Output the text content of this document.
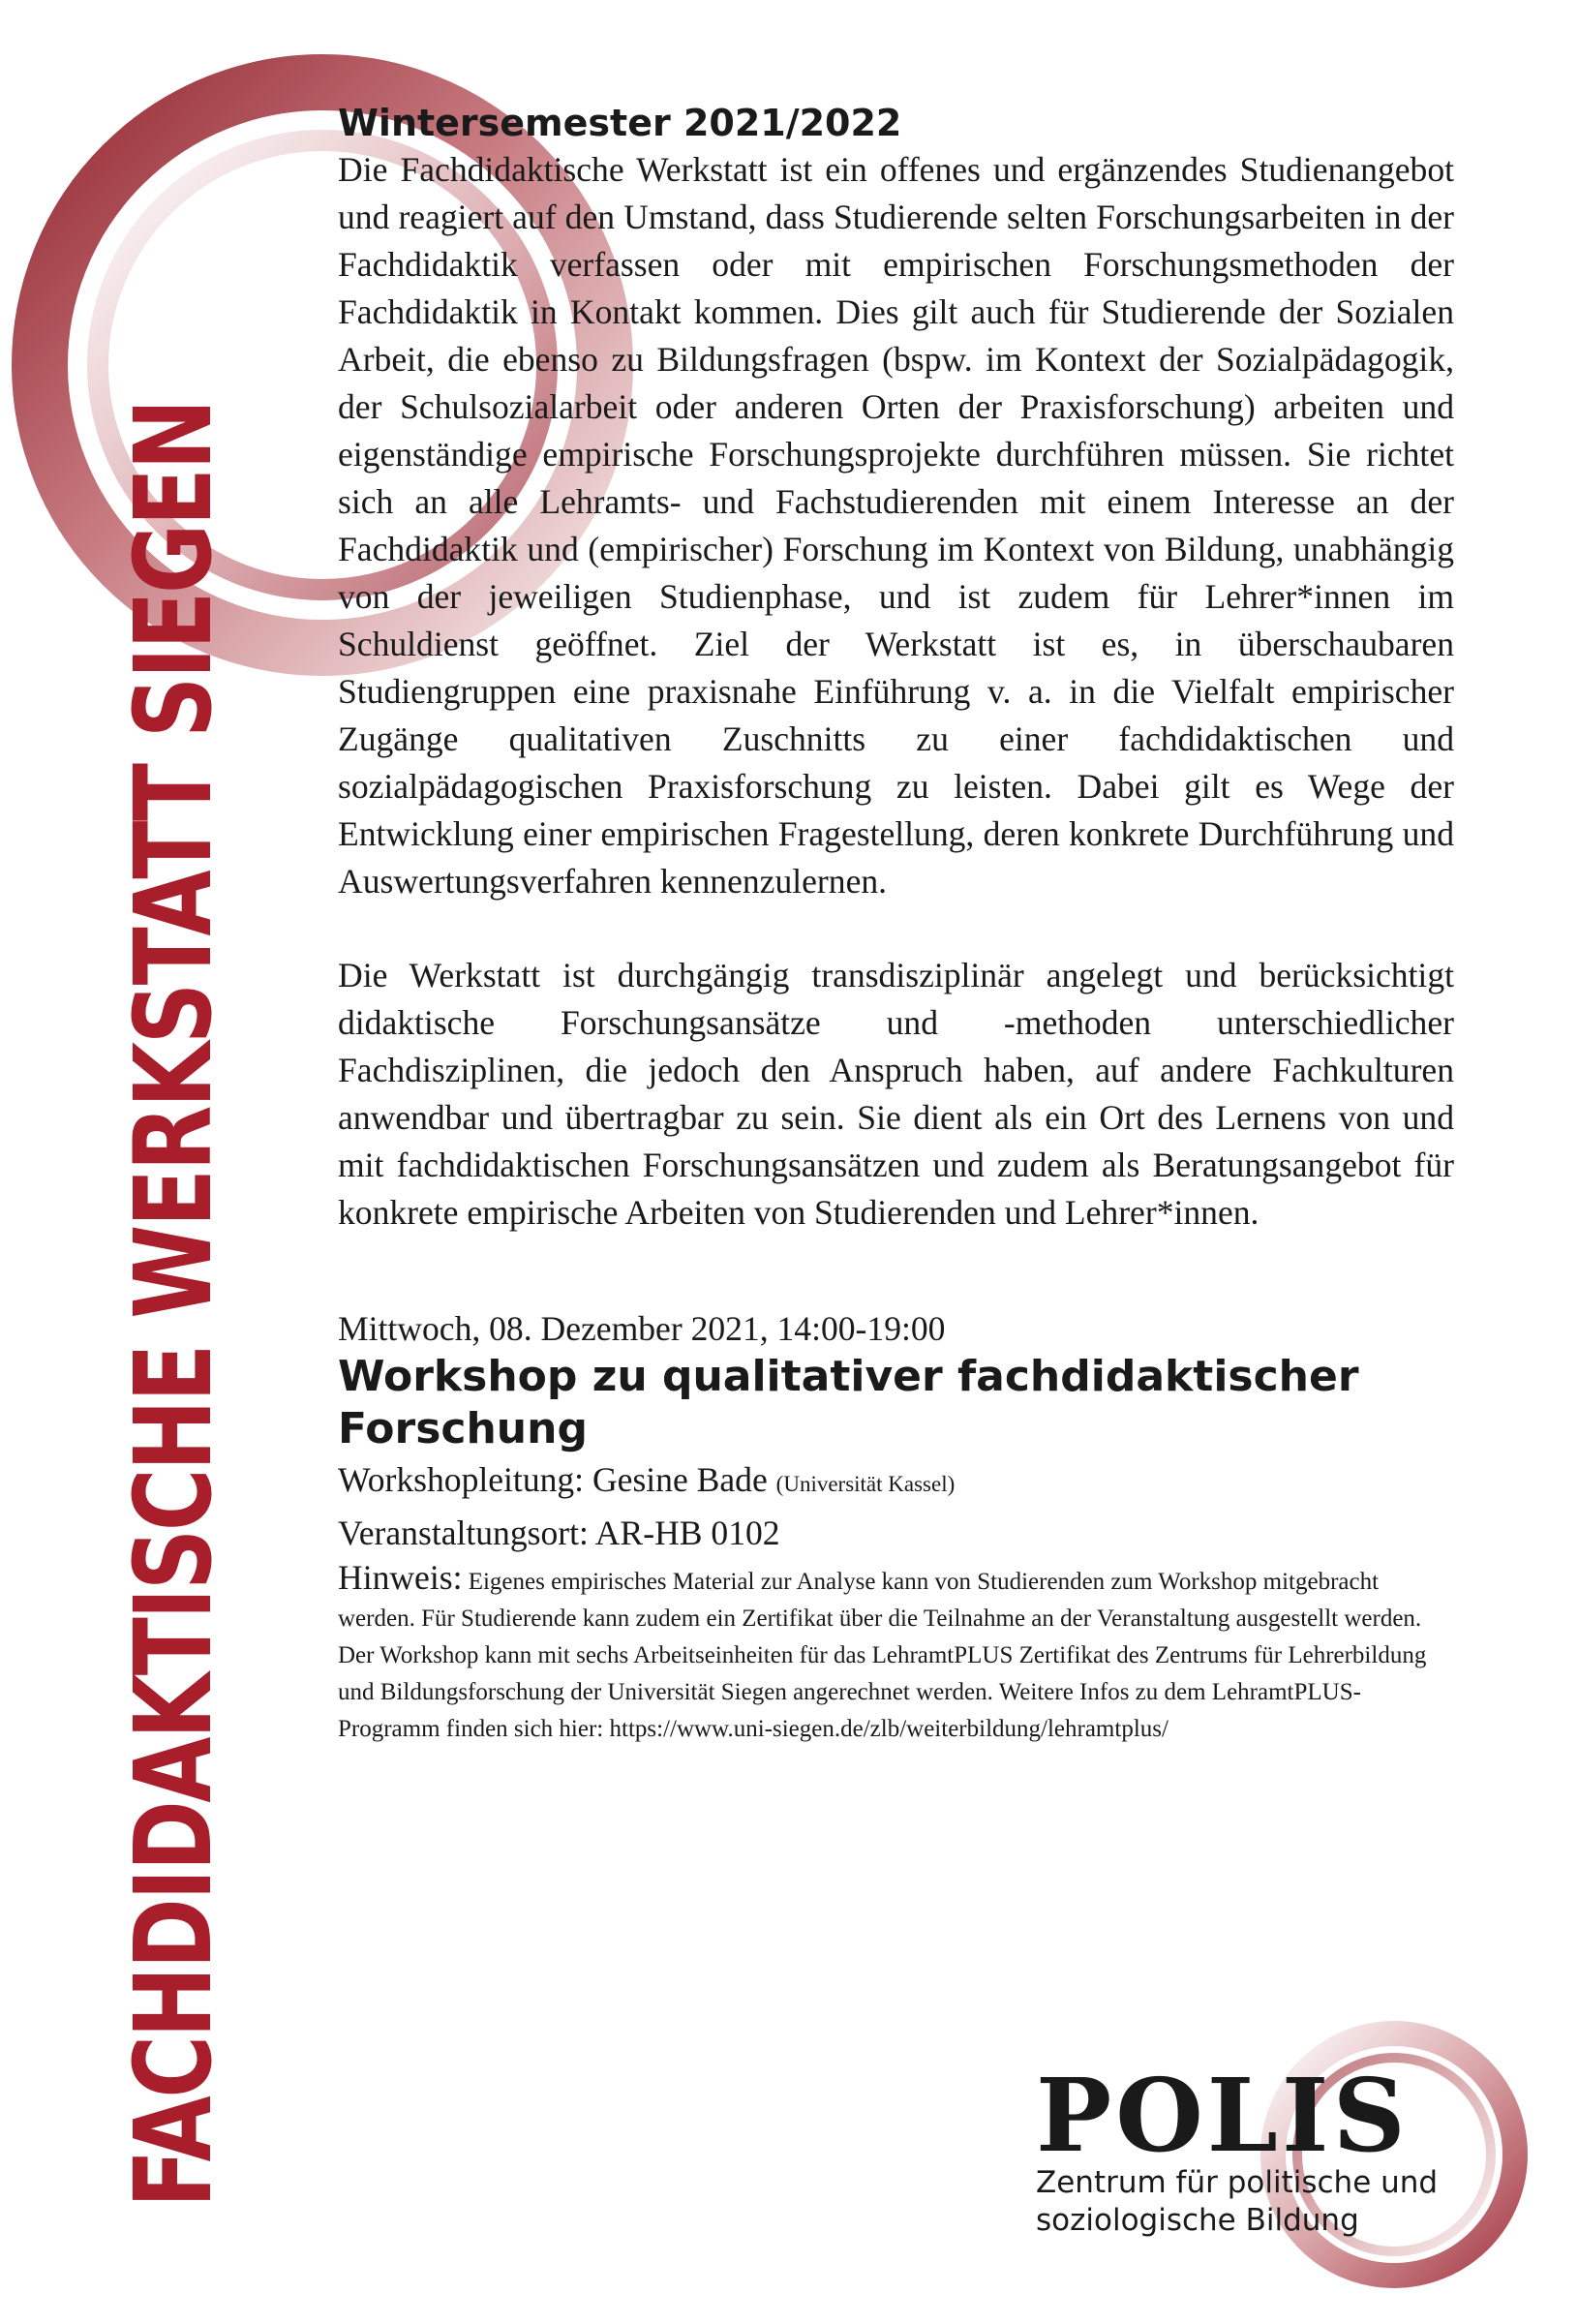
FACHDIDAKTISCHE WERKSTATT SIEGEN
Wintersemester 2021/2022

Die Fachdidaktische Werkstatt ist ein offenes und ergänzendes Studienangebot und reagiert auf den Umstand, dass Studierende selten Forschungsarbeiten in der Fachdidaktik verfassen oder mit empirischen Forschungsmethoden der Fachdidaktik in Kontakt kommen. Dies gilt auch für Studierende der Sozialen Arbeit, die ebenso zu Bildungsfragen (bspw. im Kontext der Sozialpädagogik, der Schulsozialarbeit oder anderen Orten der Praxisforschung) arbeiten und eigenständige empirische Forschungsprojekte durchführen müssen. Sie richtet sich an alle Lehramts- und Fachstudierenden mit einem Interesse an der Fachdidaktik und (empirischer) Forschung im Kontext von Bildung, unabhängig von der jeweiligen Studienphase, und ist zudem für Lehrer*innen im Schuldienst geöffnet. Ziel der Werkstatt ist es, in überschaubaren Studiengruppen eine praxisnahe Einführung v. a. in die Vielfalt empirischer Zugänge qualitativen Zuschnitts zu einer fachdidaktischen und sozialpädagogischen Praxisforschung zu leisten. Dabei gilt es Wege der Entwicklung einer empirischen Fragestellung, deren konkrete Durchführung und Auswertungsverfahren kennenzulernen.

Die Werkstatt ist durchgängig transdisziplinär angelegt und berücksichtigt didaktische Forschungsansätze und -methoden unterschiedlicher Fachdisziplinen, die jedoch den Anspruch haben, auf andere Fachkulturen anwendbar und übertragbar zu sein. Sie dient als ein Ort des Lernens von und mit fachdidaktischen Forschungsansätzen und zudem als Beratungsangebot für konkrete empirische Arbeiten von Studierenden und Lehrer*innen.

Mittwoch, 08. Dezember 2021, 14:00-19:00
Workshop zu qualitativer fachdidaktischer Forschung
Workshopleitung: Gesine Bade (Universität Kassel)
Veranstaltungsort: AR-HB 0102
Hinweis: Eigenes empirisches Material zur Analyse kann von Studierenden zum Workshop mitgebracht werden. Für Studierende kann zudem ein Zertifikat über die Teilnahme an der Veranstaltung ausgestellt werden. Der Workshop kann mit sechs Arbeitseinheiten für das LehramtPLUS Zertifikat des Zentrums für Lehrerbildung und Bildungsforschung der Universität Siegen angerechnet werden. Weitere Infos zu dem LehramtPLUS-Programm finden sich hier: https://www.uni-siegen.de/zlb/weiterbildung/lehramtplus/
POLIS
Zentrum für politische und
soziologische Bildung
